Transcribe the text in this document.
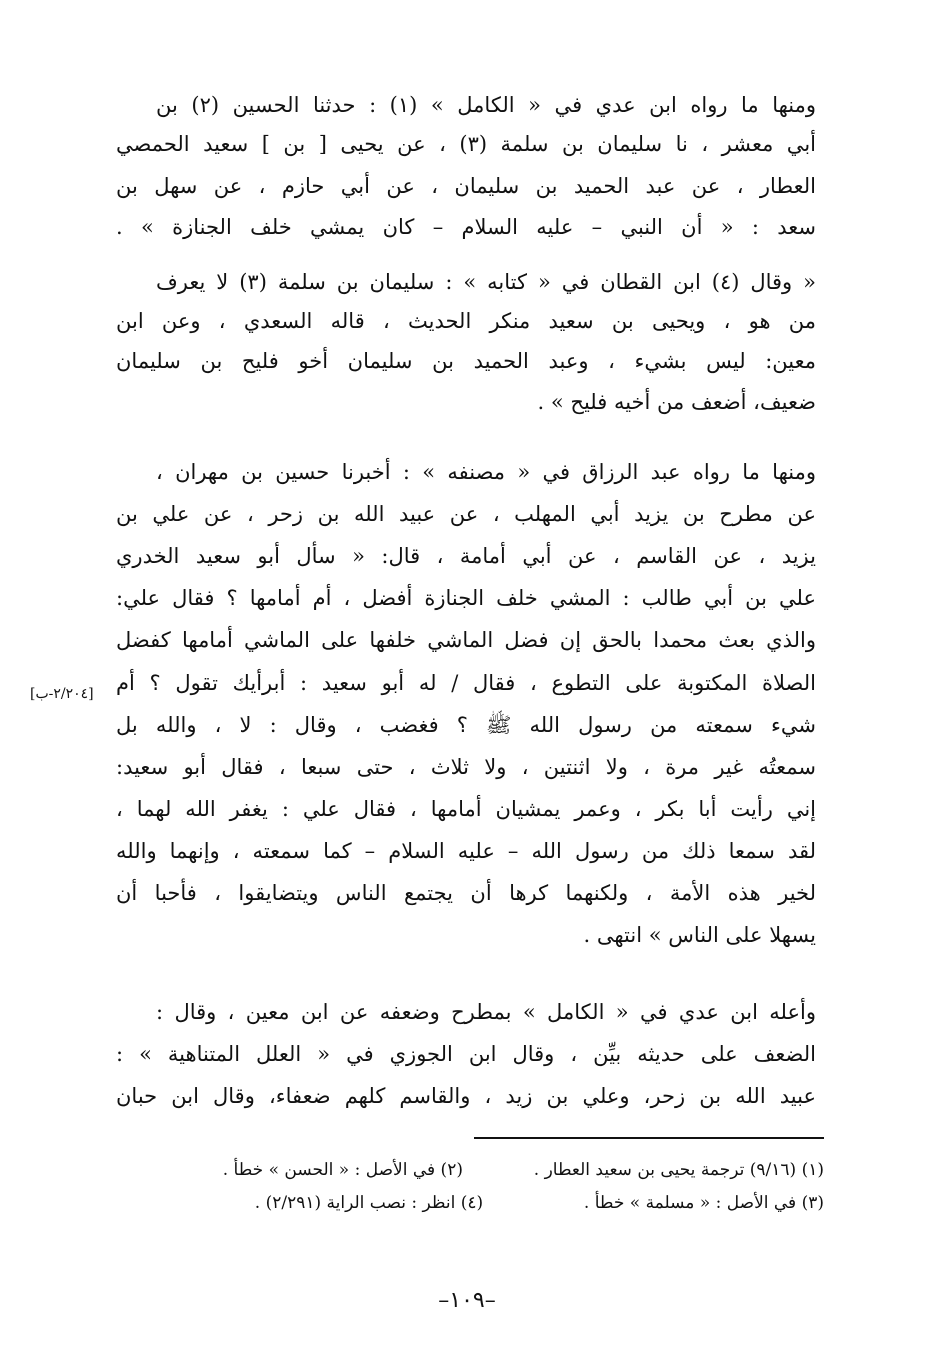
ومنها ما رواه ابن عدي في « الكامل » (١) : حدثنا الحسين (٢) بن
أبي معشر ، نا سليمان بن سلمة (٣) ، عن يحيى [ بن ] سعيد الحمصي
العطار ، عن عبد الحميد بن سليمان ، عن أبي حازم ، عن سهل بن
سعد : « أن النبي – عليه السلام – كان يمشي خلف الجنازة » .
« وقال (٤) ابن القطان في « كتابه » : سليمان بن سلمة (٣) لا يعرف
من هو ، ويحيى بن سعيد منكر الحديث ، قاله السعدي ، وعن ابن
معين: ليس بشيء ، وعبد الحميد بن سليمان أخو فليح بن سليمان
ضعيف، أضعف من أخيه فليح » .
ومنها ما رواه عبد الرزاق في « مصنفه » : أخبرنا حسين بن مهران ،
عن مطرح بن يزيد أبي المهلب ، عن عبيد الله بن زحر ، عن علي بن
يزيد ، عن القاسم ، عن أبي أمامة ، قال: « سأل أبو سعيد الخدري
علي بن أبي طالب : المشي خلف الجنازة أفضل ، أم أمامها ؟ فقال علي:
والذي بعث محمدا بالحق إن فضل الماشي خلفها على الماشي أمامها كفضل
الصلاة المكتوبة على التطوع ، فقال / له أبو سعيد : أبرأيك تقول ؟ أم
شيء سمعته من رسول الله ﷺ ؟ فغضب ، وقال : لا ، والله بل
سمعتُه غير مرة ، ولا اثنتين ، ولا ثلاث ، حتى سبعا ، فقال أبو سعيد:
إني رأيت أبا بكر ، وعمر يمشيان أمامها ، فقال علي : يغفر الله لهما ،
لقد سمعا ذلك من رسول الله – عليه السلام – كما سمعته ، وإنهما والله
لخير هذه الأمة ، ولكنهما كرها أن يجتمع الناس ويتضايقوا ، فأحبا أن
يسهلا على الناس » انتهى .
وأعله ابن عدي في « الكامل » بمطرح وضعفه عن ابن معين ، وقال :
الضعف على حديثه بيِّن ، وقال ابن الجوزي في « العلل المتناهية » :
عبيد الله بن زحر، وعلي بن زيد ، والقاسم كلهم ضعفاء، وقال ابن حبان
[٢/٢٠٤-ب]
(١) (٩/١٦) ترجمة يحيى بن سعيد العطار .  (٢) في الأصل : « الحسن » خطأ .
(٣) في الأصل : « مسلمة » خطأ .  (٤) انظر : نصب الراية (٢/٢٩١) .
–١٠٩–
